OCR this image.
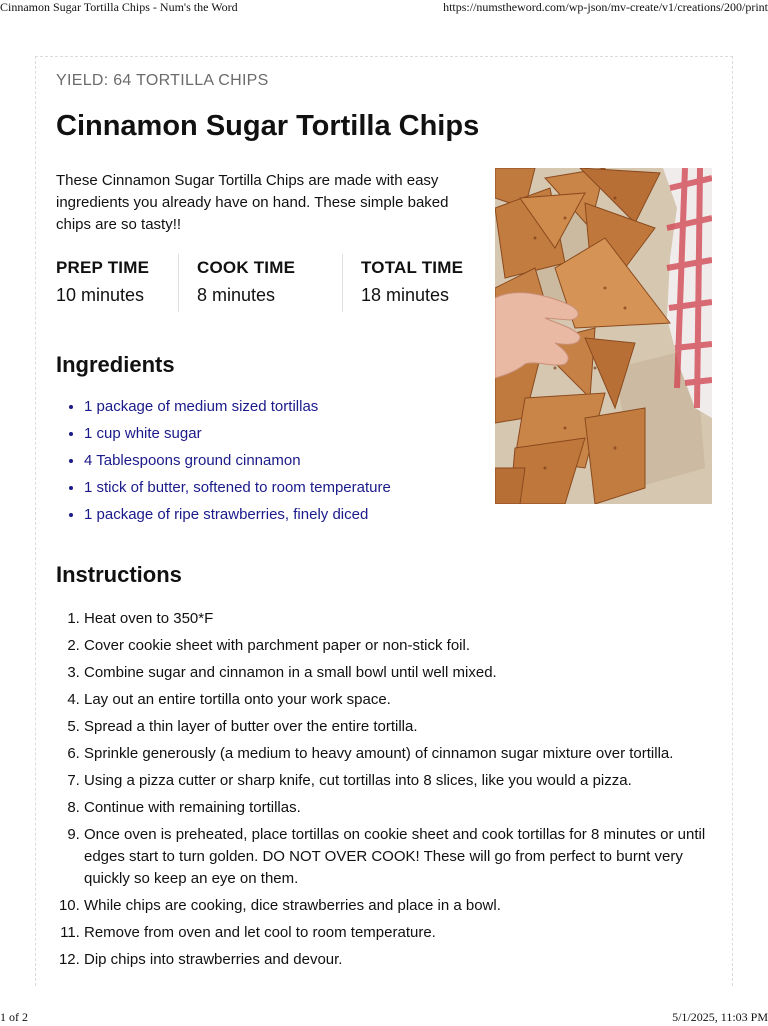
Cinnamon Sugar Tortilla Chips - Num's the Word	https://numstheword.com/wp-json/mv-create/v1/creations/200/print
YIELD: 64 TORTILLA CHIPS
Cinnamon Sugar Tortilla Chips

These Cinnamon Sugar Tortilla Chips are made with easy ingredients you already have on hand. These simple baked chips are so tasty!!

PREP TIME
10 minutes
COOK TIME
8 minutes
TOTAL TIME
18 minutes
Ingredients
• 1 package of medium sized tortillas
• 1 cup white sugar
• 4 Tablespoons ground cinnamon
• 1 stick of butter, softened to room temperature
• 1 package of ripe strawberries, finely diced
Instructions
1. Heat oven to 350*F
2. Cover cookie sheet with parchment paper or non-stick foil.
3. Combine sugar and cinnamon in a small bowl until well mixed.
4. Lay out an entire tortilla onto your work space.
5. Spread a thin layer of butter over the entire tortilla.
6. Sprinkle generously (a medium to heavy amount) of cinnamon sugar mixture over tortilla.
7. Using a pizza cutter or sharp knife, cut tortillas into 8 slices, like you would a pizza.
8. Continue with remaining tortillas.
9. Once oven is preheated, place tortillas on cookie sheet and cook tortillas for 8 minutes or until edges start to turn golden. DO NOT OVER COOK! These will go from perfect to burnt very quickly so keep an eye on them.
10. While chips are cooking, dice strawberries and place in a bowl.
11. Remove from oven and let cool to room temperature.
12. Dip chips into strawberries and devour.
1 of 2	5/1/2025, 11:03 PM
